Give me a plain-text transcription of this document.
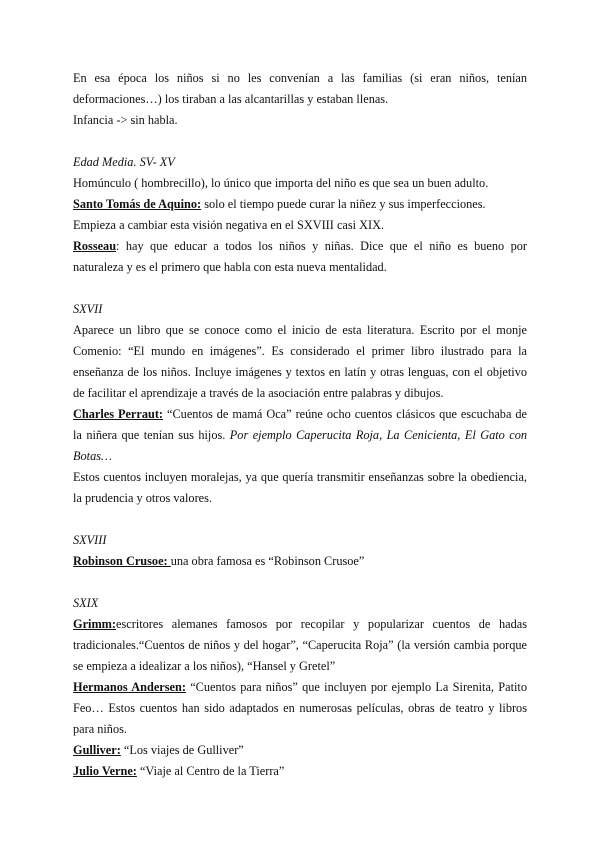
En esa época los niños si no les convenían a las familias (si eran niños, tenían deformaciones…) los tiraban a las alcantarillas y estaban llenas.

Infancia -> sin habla.

Edad Media. SV- XV

Homúnculo ( hombrecillo), lo único que importa del niño es que sea un buen adulto.

Santo Tomás de Aquino: solo el tiempo puede curar la niñez y sus imperfecciones.

Empieza a cambiar esta visión negativa en el SXVIII casi XIX.

Rosseau: hay que educar a todos los niños y niñas. Dice que el niño es bueno por naturaleza y es el primero que habla con esta nueva mentalidad.

SXVII

Aparece un libro que se conoce como el inicio de esta literatura. Escrito por el monje Comenio: “El mundo en imágenes”. Es considerado el primer libro ilustrado para la enseñanza de los niños. Incluye imágenes y textos en latín y otras lenguas, con el objetivo de facilitar el aprendizaje a través de la asociación entre palabras y dibujos.

Charles Perraut: “Cuentos de mamá Oca” reúne ocho cuentos clásicos que escuchaba de la niñera que tenían sus hijos. Por ejemplo Caperucita Roja, La Cenicienta, El Gato con Botas…

Estos cuentos incluyen moralejas, ya que quería transmitir enseñanzas sobre la obediencia, la prudencia y otros valores.

SXVIII

Robinson Crusoe: una obra famosa es “Robinson Crusoe”

SXIX

Grimm:escritores alemanes famosos por recopilar y popularizar cuentos de hadas tradicionales.“Cuentos de niños y del hogar”, “Caperucita Roja” (la versión cambia porque se empieza a idealizar a los niños), “Hansel y Gretel”

Hermanos Andersen: “Cuentos para niños” que incluyen por ejemplo La Sirenita, Patito Feo… Estos cuentos han sido adaptados en numerosas películas, obras de teatro y libros para niños.

Gulliver: “Los viajes de Gulliver”

Julio Verne: “Viaje al Centro de la Tierra”
